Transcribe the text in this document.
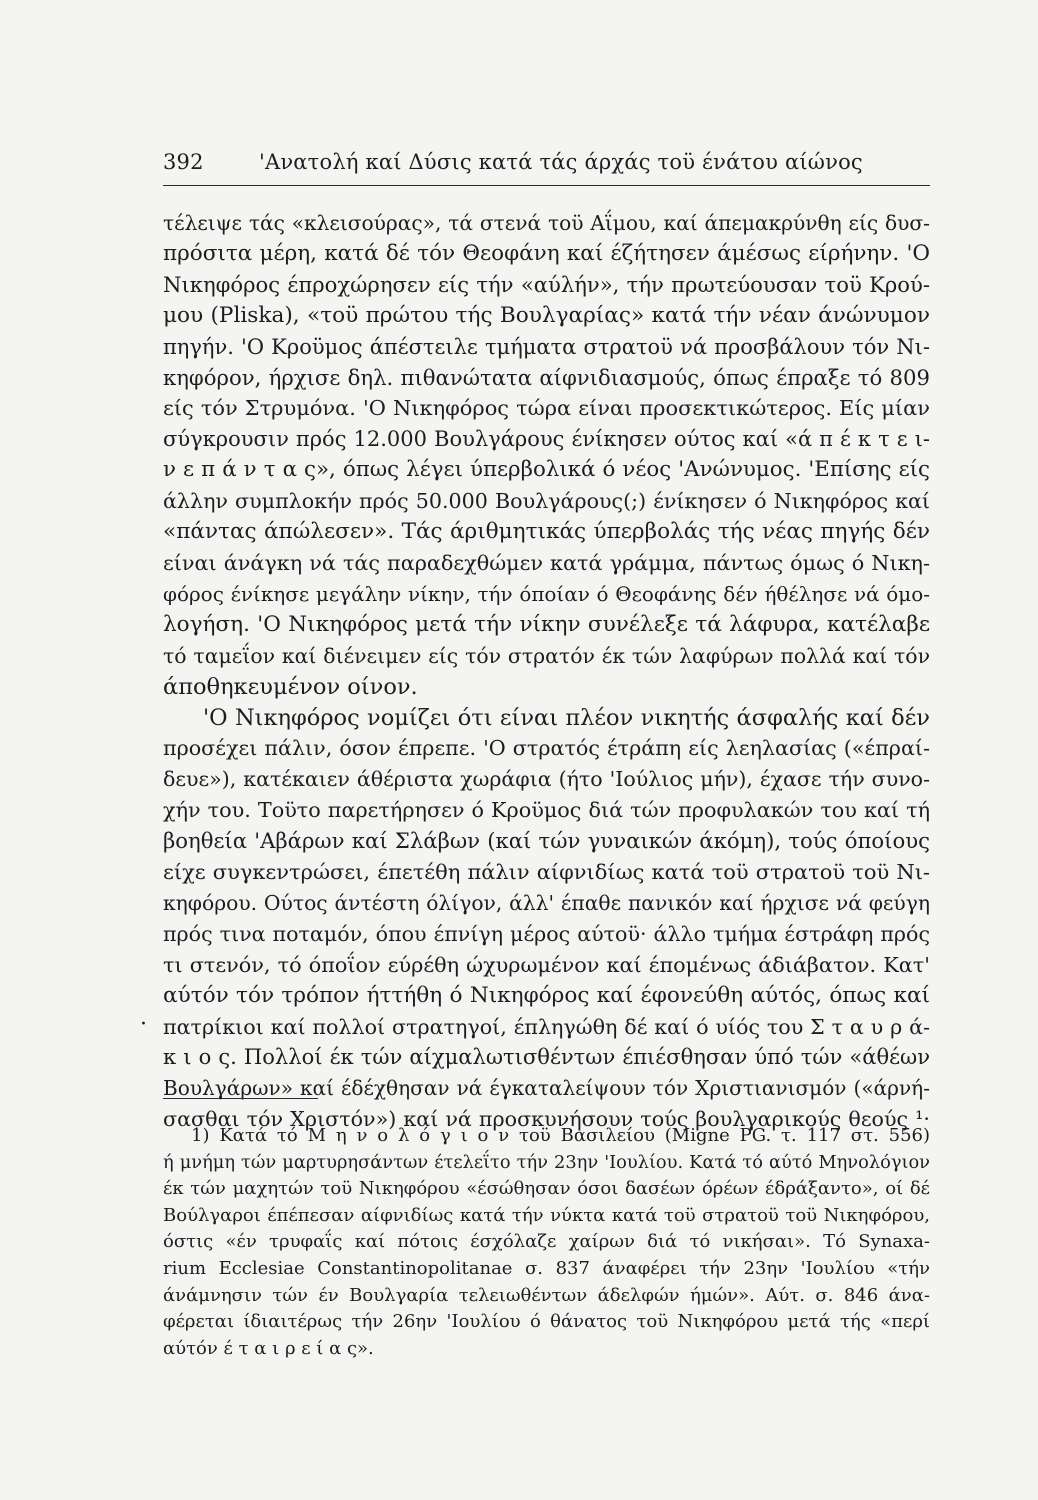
392	'Ανατολή καί Δύσις κατά τάς άρχάς τοϋ ένάτου αίώνος
τέλειψε τάς «κλεισούρας», τά στενά τοϋ Αΐμου, καί άπεμακρύνθη είς δυσ-
πρόσιτα μέρη, κατά δέ τόν Θεοφάνη καί έζήτησεν άμέσως είρήνην. 'Ο
Νικηφόρος έπροχώρησεν είς τήν «αύλήν», τήν πρωτεύουσαν τοϋ Κρού-
μου (Pliska), «τοϋ πρώτου τής Βουλγαρίας» κατά τήν νέαν άνώνυμον
πηγήν. 'Ο Κροϋμος άπέστειλε τμήματα στρατοϋ νά προσβάλουν τόν Νι-
κηφόρον, ήρχισε δηλ. πιθανώτατα αίφνιδιασμούς, όπως έπραξε τό 809
είς τόν Στρυμόνα. 'Ο Νικηφόρος τώρα είναι προσεκτικώτερος. Είς μίαν
σύγκρουσιν πρός 12.000 Βουλγάρους ένίκησεν ούτος καί «ά π έ κ τ ε ι-
ν ε π ά ν τ α ς», όπως λέγει ύπερβολικά ό νέος 'Ανώνυμος. 'Επίσης είς
άλλην συμπλοκήν πρός 50.000 Βουλγάρους(;) ένίκησεν ό Νικηφόρος καί
«πάντας άπώλεσεν». Τάς άριθμητικάς ύπερβολάς τής νέας πηγής δέν
είναι άνάγκη νά τάς παραδεχθώμεν κατά γράμμα, πάντως όμως ό Νικη-
φόρος ένίκησε μεγάλην νίκην, τήν όποίαν ό Θεοφάνης δέν ήθέλησε νά όμο-
λογήση. 'Ο Νικηφόρος μετά τήν νίκην συνέλεξε τά λάφυρα, κατέλαβε
τό ταμεΐον καί διένειμεν είς τόν στρατόν έκ τών λαφύρων πολλά καί τόν
άποθηκευμένον οίνον.
'Ο Νικηφόρος νομίζει ότι είναι πλέον νικητής άσφαλής καί δέν
προσέχει πάλιν, όσον έπρεπε. 'Ο στρατός έτράπη είς λεηλασίας («έπραί-
δευε»), κατέκαιεν άθέριστα χωράφια (ήτο 'Ιούλιος μήν), έχασε τήν συνο-
χήν του. Τοϋτο παρετήρησεν ό Κροϋμος διά τών προφυλακών του καί τή
βοηθεία 'Αβάρων καί Σλάβων (καί τών γυναικών άκόμη), τούς όποίους
είχε συγκεντρώσει, έπετέθη πάλιν αίφνιδίως κατά τοϋ στρατοϋ τοϋ Νι-
κηφόρου. Ούτος άντέστη όλίγον, άλλ' έπαθε πανικόν καί ήρχισε νά φεύγη
πρός τινα ποταμόν, όπου έπνίγη μέρος αύτοϋ· άλλο τμήμα έστράφη πρός
τι στενόν, τό όποΐον εύρέθη ώχυρωμένον καί έπομένως άδιάβατον. Κατ'
αύτόν τόν τρόπον ήττήθη ό Νικηφόρος καί έφονεύθη αύτός, όπως καί
πατρίκιοι καί πολλοί στρατηγοί, έπληγώθη δέ καί ό υίός του Σ τ α υ ρ ά-
κ ι ο ς. Πολλοί έκ τών αίχμαλωτισθέντων έπιέσθησαν ύπό τών «άθέων
Βουλγάρων» καί έδέχθησαν νά έγκαταλείψουν τόν Χριστιανισμόν («άρνή-
σασθαι τόν Χριστόν») καί νά προσκυνήσουν τούς βουλγαρικούς θεούς ¹·
·
1) Κατά τό Μ η ν ο λ ό γ ι ο ν τοϋ Βασιλείου (Migne PG. τ. 117 στ. 556)
ή μνήμη τών μαρτυρησάντων έτελεΐτο τήν 23ην 'Ιουλίου. Κατά τό αύτό Μηνολόγιον
έκ τών μαχητών τοϋ Νικηφόρου «έσώθησαν όσοι δασέων όρέων έδράξαντο», οί δέ
Βούλγαροι έπέπεσαν αίφνιδίως κατά τήν νύκτα κατά τοϋ στρατοϋ τοϋ Νικηφόρου,
όστις «έν τρυφαΐς καί πότοις έσχόλαζε χαίρων διά τό νικήσαι». Τό Synaxa-
rium Ecclesiae Constantinopolitanae σ. 837 άναφέρει τήν 23ην 'Ιουλίου «τήν
άνάμνησιν τών έν Βουλγαρία τελειωθέντων άδελφών ήμών». Αύτ. σ. 846 άνα-
φέρεται ίδιαιτέρως τήν 26ην 'Ιουλίου ό θάνατος τοϋ Νικηφόρου μετά τής «περί
αύτόν έ τ α ι ρ ε ί α ς».
